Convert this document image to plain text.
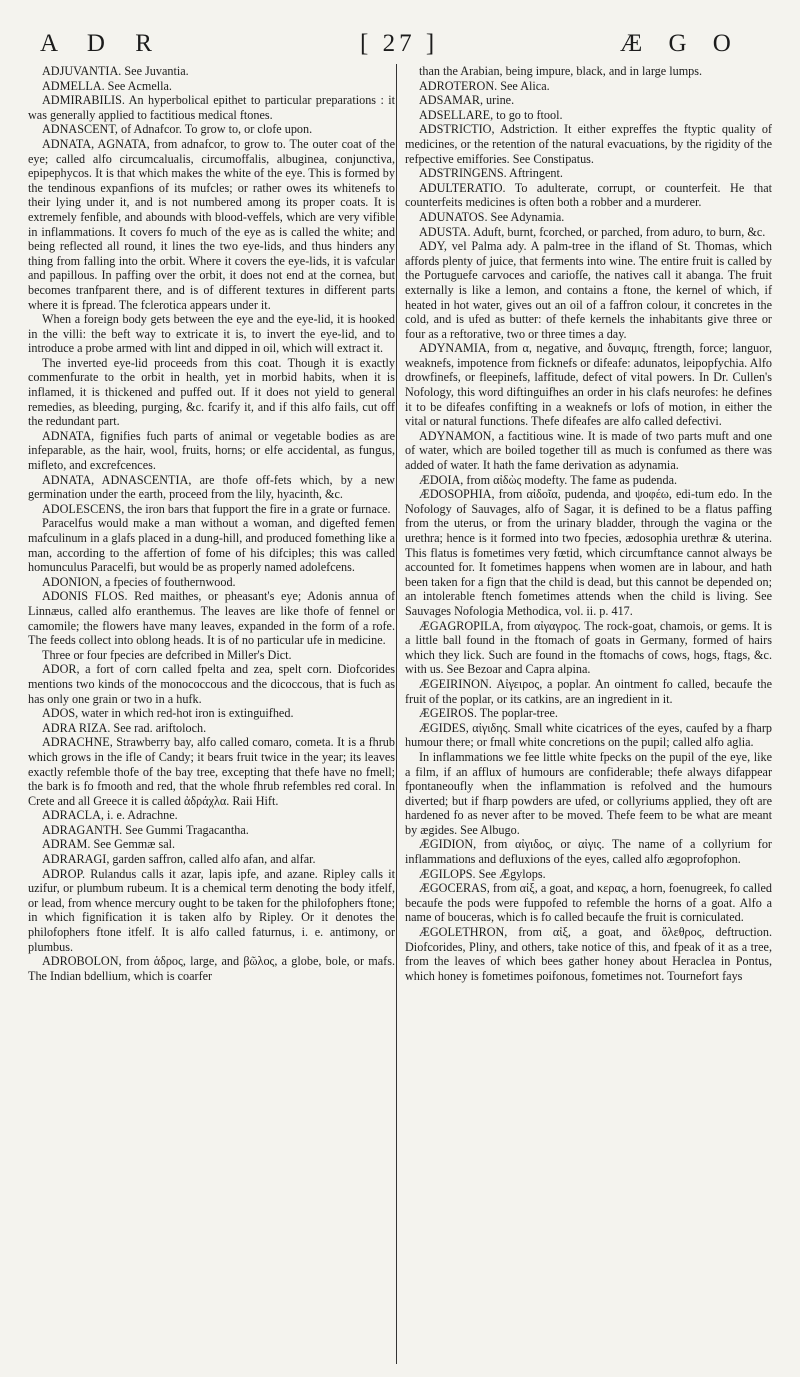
A D R	[ 27 ]	Æ G O

ADJUVANTIA. See Juvantia.

ADMELLA. See Acmella.

ADMIRABILIS. An hyperbolical epithet to particular preparations : it was generally applied to factitious medical ftones.

ADNASCENT, of Adnafcor. To grow to, or clofe upon.

ADNATA, AGNATA, from adnafcor, to grow to. The outer coat of the eye; called alfo circumcalualis, circumoffalis, albuginea, conjunctiva, epipephycos. It is that which makes the white of the eye. This is formed by the tendinous expanfions of its mufcles; or rather owes its whitenefs to their lying under it, and is not numbered among its proper coats. It is extremely fenfible, and abounds with blood-veffels, which are very vifible in inflammations. It covers fo much of the eye as is called the white; and being reflected all round, it lines the two eye-lids, and thus hinders any thing from falling into the orbit. Where it covers the eye-lids, it is vafcular and papillous. In paffing over the orbit, it does not end at the cornea, but becomes tranfparent there, and is of different textures in different parts where it is fpread. The fclerotica appears under it.

When a foreign body gets between the eye and the eye-lid, it is hooked in the villi: the beft way to extricate it is, to invert the eye-lid, and to introduce a probe armed with lint and dipped in oil, which will extract it.

The inverted eye-lid proceeds from this coat. Though it is exactly commenfurate to the orbit in health, yet in morbid habits, when it is inflamed, it is thickened and puffed out. If it does not yield to general remedies, as bleeding, purging, &c. fcarify it, and if this alfo fails, cut off the redundant part.

ADNATA, fignifies fuch parts of animal or vegetable bodies as are infeparable, as the hair, wool, fruits, horns; or elfe accidental, as fungus, mifleto, and excrefcences.

ADNATA, ADNASCENTIA, are thofe off-fets which, by a new germination under the earth, proceed from the lily, hyacinth, &c.

ADOLESCENS, the iron bars that fupport the fire in a grate or furnace.

Paracelfus would make a man without a woman, and digefted femen mafculinum in a glafs placed in a dung-hill, and produced fomething like a man, according to the affertion of fome of his difciples; this was called homunculus Paracelfi, but would be as properly named adolefcens.

ADONION, a fpecies of fouthernwood.

ADONIS FLOS. Red maithes, or pheasant's eye; Adonis annua of Linnæus, called alfo eranthemus. The leaves are like thofe of fennel or camomile; the flowers have many leaves, expanded in the form of a rofe. The feeds collect into oblong heads. It is of no particular ufe in medicine.

Three or four fpecies are defcribed in Miller's Dict.

ADOR, a fort of corn called fpelta and zea, spelt corn. Diofcorides mentions two kinds of the monococcous and the dicoccous, that is fuch as has only one grain or two in a hufk.

ADOS, water in which red-hot iron is extinguifhed.

ADRA RIZA. See rad. ariftoloch.

ADRACHNE, Strawberry bay, alfo called comaro, cometa. It is a fhrub which grows in the ifle of Candy; it bears fruit twice in the year; its leaves exactly refemble thofe of the bay tree, excepting that thefe have no fmell; the bark is fo fmooth and red, that the whole fhrub refembles red coral. In Crete and all Greece it is called ἀδράχλα. Raii Hift.

ADRACLA, i. e. Adrachne.

ADRAGANTH. See Gummi Tragacantha.

ADRAM. See Gemmæ sal.

ADRARAGI, garden saffron, called alfo afan, and alfar.

ADROP. Rulandus calls it azar, lapis ipfe, and azane. Ripley calls it uzifur, or plumbum rubeum. It is a chemical term denoting the body itfelf, or lead, from whence mercury ought to be taken for the philofophers ftone; in which fignification it is taken alfo by Ripley. Or it denotes the philofophers ftone itfelf. It is alfo called faturnus, i. e. antimony, or plumbus.

ADROBOLON, from ἁδρος, large, and βῶλος, a globe, bole, or mafs. The Indian bdellium, which is coarfer

than the Arabian, being impure, black, and in large lumps.

ADROTERON. See Alica.

ADSAMAR, urine.

ADSELLARE, to go to ftool.

ADSTRICTIO, Adstriction. It either expreffes the ftyptic quality of medicines, or the retention of the natural evacuations, by the rigidity of the refpective emiffories. See Constipatus.

ADSTRINGENS. Aftringent.

ADULTERATIO. To adulterate, corrupt, or counterfeit. He that counterfeits medicines is often both a robber and a murderer.

ADUNATOS. See Adynamia.

ADUSTA. Aduft, burnt, fcorched, or parched, from aduro, to burn, &c.

ADY, vel Palma ady. A palm-tree in the ifland of St. Thomas, which affords plenty of juice, that ferments into wine. The entire fruit is called by the Portuguefe carvoces and cariofſe, the natives call it abanga. The fruit externally is like a lemon, and contains a ftone, the kernel of which, if heated in hot water, gives out an oil of a faffron colour, it concretes in the cold, and is ufed as butter: of thefe kernels the inhabitants give three or four as a reftorative, two or three times a day.

ADYNAMIA, from α, negative, and δυναμις, ftrength, force; languor, weaknefs, impotence from ficknefs or difeafe: adunatos, leipopfychia. Alfo drowfinefs, or fleepinefs, laffitude, defect of vital powers. In Dr. Cullen's Nofology, this word diftinguifhes an order in his clafs neurofes: he defines it to be difeafes confifting in a weaknefs or lofs of motion, in either the vital or natural functions. Thefe difeafes are alfo called defectivi.

ADYNAMON, a factitious wine. It is made of two parts muft and one of water, which are boiled together till as much is confumed as there was added of water. It hath the fame derivation as adynamia.

ÆDOIA, from αἰδὼς modefty. The fame as pudenda.

ÆDOSOPHIA, from αἰδοῖα, pudenda, and ψοφέω, edi-tum edo. In the Nofology of Sauvages, alfo of Sagar, it is defined to be a flatus paffing from the uterus, or from the urinary bladder, through the vagina or the urethra; hence is it formed into two fpecies, ædosophia urethræ & uterina. This flatus is fometimes very fœtid, which circumftance cannot always be accounted for. It fometimes happens when women are in labour, and hath been taken for a fign that the child is dead, but this cannot be depended on; an intolerable ftench fometimes attends when the child is living. See Sauvages Nofologia Methodica, vol. ii. p. 417.

ÆGAGROPILA, from αἰγαγρος. The rock-goat, chamois, or gems. It is a little ball found in the ftomach of goats in Germany, formed of hairs which they lick. Such are found in the ftomachs of cows, hogs, ftags, &c. with us. See Bezoar and Capra alpina.

ÆGEIRINON. Αἰγειρος, a poplar. An ointment fo called, becaufe the fruit of the poplar, or its catkins, are an ingredient in it.

ÆGEIROS. The poplar-tree.

ÆGIDES, αἰγιδης. Small white cicatrices of the eyes, caufed by a fharp humour there; or fmall white concretions on the pupil; called alfo aglia.

In inflammations we fee little white fpecks on the pupil of the eye, like a film, if an afflux of humours are confiderable; thefe always difappear fpontaneoufly when the inflammation is refolved and the humours diverted; but if fharp powders are ufed, or collyriums applied, they oft are hardened fo as never after to be moved. Thefe feem to be what are meant by ægides. See Albugo.

ÆGIDION, from αἰγιδος, or αἰγις. The name of a collyrium for inflammations and defluxions of the eyes, called alfo ægoprofophon.

ÆGILOPS. See Ægylops.

ÆGOCERAS, from αἰξ, a goat, and κερας, a horn, foenugreek, fo called becaufe the pods were fuppofed to refemble the horns of a goat. Alfo a name of bouceras, which is fo called becaufe the fruit is corniculated.

ÆGOLETHRON, from αἰξ, a goat, and ὄλεθρος, deftruction. Diofcorides, Pliny, and others, take notice of this, and fpeak of it as a tree, from the leaves of which bees gather honey about Heraclea in Pontus, which honey is fometimes poifonous, fometimes not. Tournefort fays
